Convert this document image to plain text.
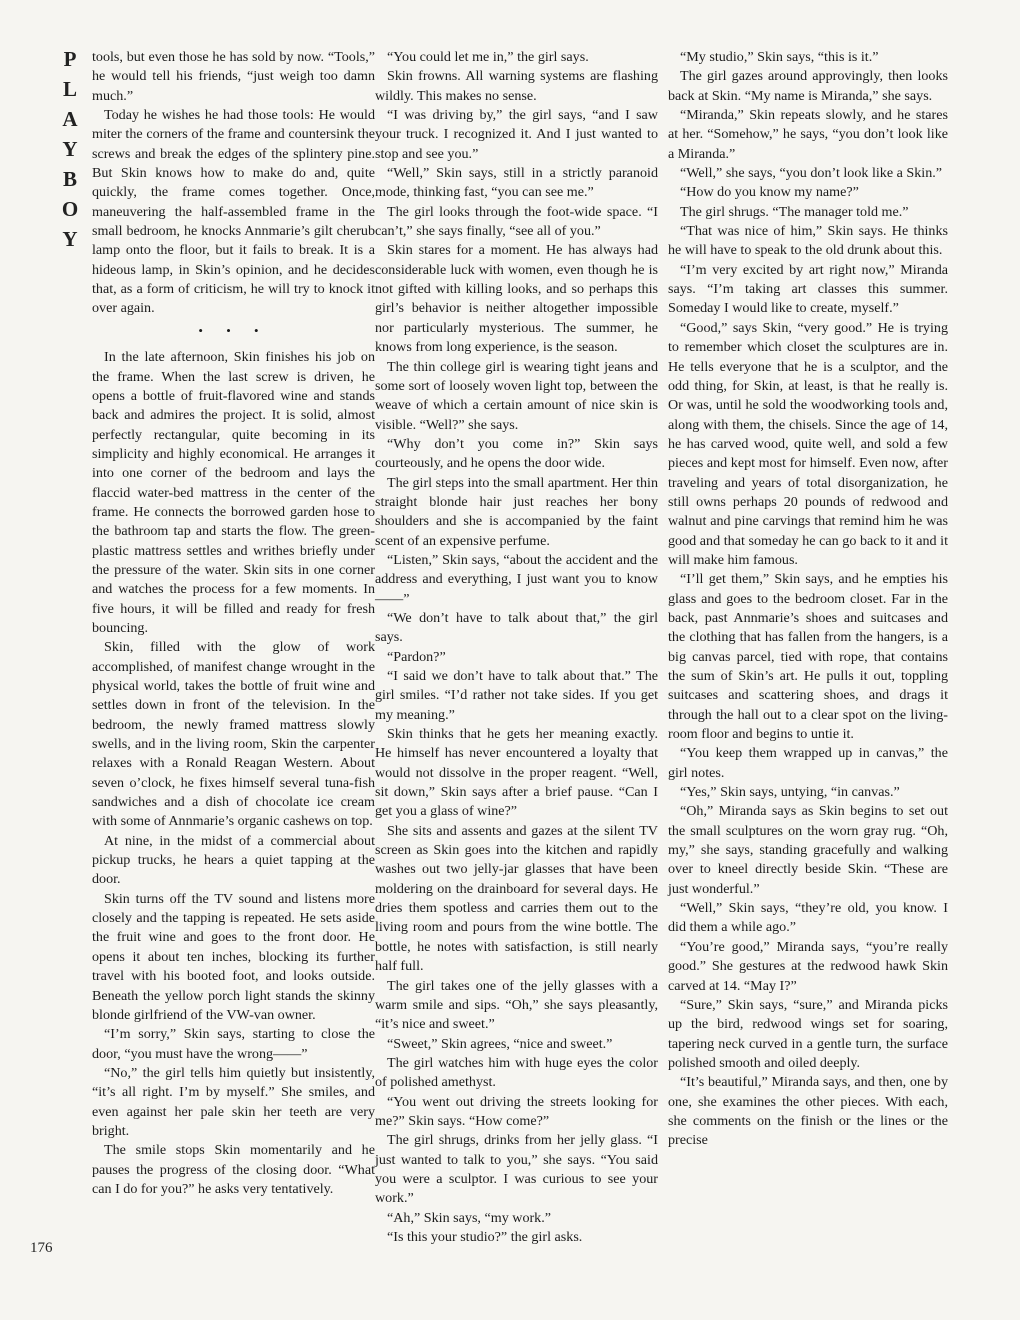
P
L
A
Y
B
O
Y

tools, but even those he has sold by now. “Tools,” he would tell his friends, “just weigh too damn much.”

Today he wishes he had those tools: He would miter the corners of the frame and countersink the screws and break the edges of the splintery pine. But Skin knows how to make do and, quite quickly, the frame comes together. Once, maneuvering the half-assembled frame in the small bedroom, he knocks Annmarie’s gilt cherub lamp onto the floor, but it fails to break. It is a hideous lamp, in Skin’s opinion, and he decides that, as a form of criticism, he will try to knock it over again.

• • •

In the late afternoon, Skin finishes his job on the frame. When the last screw is driven, he opens a bottle of fruit-flavored wine and stands back and admires the project. It is solid, almost perfectly rectangular, quite becoming in its simplicity and highly economical. He arranges it into one corner of the bedroom and lays the flaccid water-bed mattress in the center of the frame. He connects the borrowed garden hose to the bathroom tap and starts the flow. The green-plastic mattress settles and writhes briefly under the pressure of the water. Skin sits in one corner and watches the process for a few moments. In five hours, it will be filled and ready for fresh bouncing.

Skin, filled with the glow of work accomplished, of manifest change wrought in the physical world, takes the bottle of fruit wine and settles down in front of the television. In the bedroom, the newly framed mattress slowly swells, and in the living room, Skin the carpenter relaxes with a Ronald Reagan Western. About seven o’clock, he fixes himself several tuna-fish sandwiches and a dish of chocolate ice cream with some of Annmarie’s organic cashews on top.

At nine, in the midst of a commercial about pickup trucks, he hears a quiet tapping at the door.

Skin turns off the TV sound and listens more closely and the tapping is repeated. He sets aside the fruit wine and goes to the front door. He opens it about ten inches, blocking its further travel with his booted foot, and looks outside. Beneath the yellow porch light stands the skinny blonde girlfriend of the VW-van owner.

“I’m sorry,” Skin says, starting to close the door, “you must have the wrong——”

“No,” the girl tells him quietly but insistently, “it’s all right. I’m by myself.” She smiles, and even against her pale skin her teeth are very bright.

The smile stops Skin momentarily and he pauses the progress of the closing door. “What can I do for you?” he asks very tentatively.

“You could let me in,” the girl says.

Skin frowns. All warning systems are flashing wildly. This makes no sense.

“I was driving by,” the girl says, “and I saw your truck. I recognized it. And I just wanted to stop and see you.”

“Well,” Skin says, still in a strictly paranoid mode, thinking fast, “you can see me.”

The girl looks through the foot-wide space. “I can’t,” she says finally, “see all of you.”

Skin stares for a moment. He has always had considerable luck with women, even though he is not gifted with killing looks, and so perhaps this girl’s behavior is neither altogether impossible nor particularly mysterious. The summer, he knows from long experience, is the season.

The thin college girl is wearing tight jeans and some sort of loosely woven light top, between the weave of which a certain amount of nice skin is visible. “Well?” she says.

“Why don’t you come in?” Skin says courteously, and he opens the door wide.

The girl steps into the small apartment. Her thin straight blonde hair just reaches her bony shoulders and she is accompanied by the faint scent of an expensive perfume.

“Listen,” Skin says, “about the accident and the address and everything, I just want you to know——”

“We don’t have to talk about that,” the girl says.

“Pardon?”

“I said we don’t have to talk about that.” The girl smiles. “I’d rather not take sides. If you get my meaning.”

Skin thinks that he gets her meaning exactly. He himself has never encountered a loyalty that would not dissolve in the proper reagent. “Well, sit down,” Skin says after a brief pause. “Can I get you a glass of wine?”

She sits and assents and gazes at the silent TV screen as Skin goes into the kitchen and rapidly washes out two jelly-jar glasses that have been moldering on the drainboard for several days. He dries them spotless and carries them out to the living room and pours from the wine bottle. The bottle, he notes with satisfaction, is still nearly half full.

The girl takes one of the jelly glasses with a warm smile and sips. “Oh,” she says pleasantly, “it’s nice and sweet.”

“Sweet,” Skin agrees, “nice and sweet.”

The girl watches him with huge eyes the color of polished amethyst.

“You went out driving the streets looking for me?” Skin says. “How come?”

The girl shrugs, drinks from her jelly glass. “I just wanted to talk to you,” she says. “You said you were a sculptor. I was curious to see your work.”

“Ah,” Skin says, “my work.”

“Is this your studio?” the girl asks.

“My studio,” Skin says, “this is it.”

The girl gazes around approvingly, then looks back at Skin. “My name is Miranda,” she says.

“Miranda,” Skin repeats slowly, and he stares at her. “Somehow,” he says, “you don’t look like a Miranda.”

“Well,” she says, “you don’t look like a Skin.”

“How do you know my name?”

The girl shrugs. “The manager told me.”

“That was nice of him,” Skin says. He thinks he will have to speak to the old drunk about this.

“I’m very excited by art right now,” Miranda says. “I’m taking art classes this summer. Someday I would like to create, myself.”

“Good,” says Skin, “very good.” He is trying to remember which closet the sculptures are in. He tells everyone that he is a sculptor, and the odd thing, for Skin, at least, is that he really is. Or was, until he sold the woodworking tools and, along with them, the chisels. Since the age of 14, he has carved wood, quite well, and sold a few pieces and kept most for himself. Even now, after traveling and years of total disorganization, he still owns perhaps 20 pounds of redwood and walnut and pine carvings that remind him he was good and that someday he can go back to it and it will make him famous.

“I’ll get them,” Skin says, and he empties his glass and goes to the bedroom closet. Far in the back, past Annmarie’s shoes and suitcases and the clothing that has fallen from the hangers, is a big canvas parcel, tied with rope, that contains the sum of Skin’s art. He pulls it out, toppling suitcases and scattering shoes, and drags it through the hall out to a clear spot on the living-room floor and begins to untie it.

“You keep them wrapped up in canvas,” the girl notes.

“Yes,” Skin says, untying, “in canvas.”

“Oh,” Miranda says as Skin begins to set out the small sculptures on the worn gray rug. “Oh, my,” she says, standing gracefully and walking over to kneel directly beside Skin. “These are just wonderful.”

“Well,” Skin says, “they’re old, you know. I did them a while ago.”

“You’re good,” Miranda says, “you’re really good.” She gestures at the redwood hawk Skin carved at 14. “May I?”

“Sure,” Skin says, “sure,” and Miranda picks up the bird, redwood wings set for soaring, tapering neck curved in a gentle turn, the surface polished smooth and oiled deeply.

“It’s beautiful,” Miranda says, and then, one by one, she examines the other pieces. With each, she comments on the finish or the lines or the precise

176
